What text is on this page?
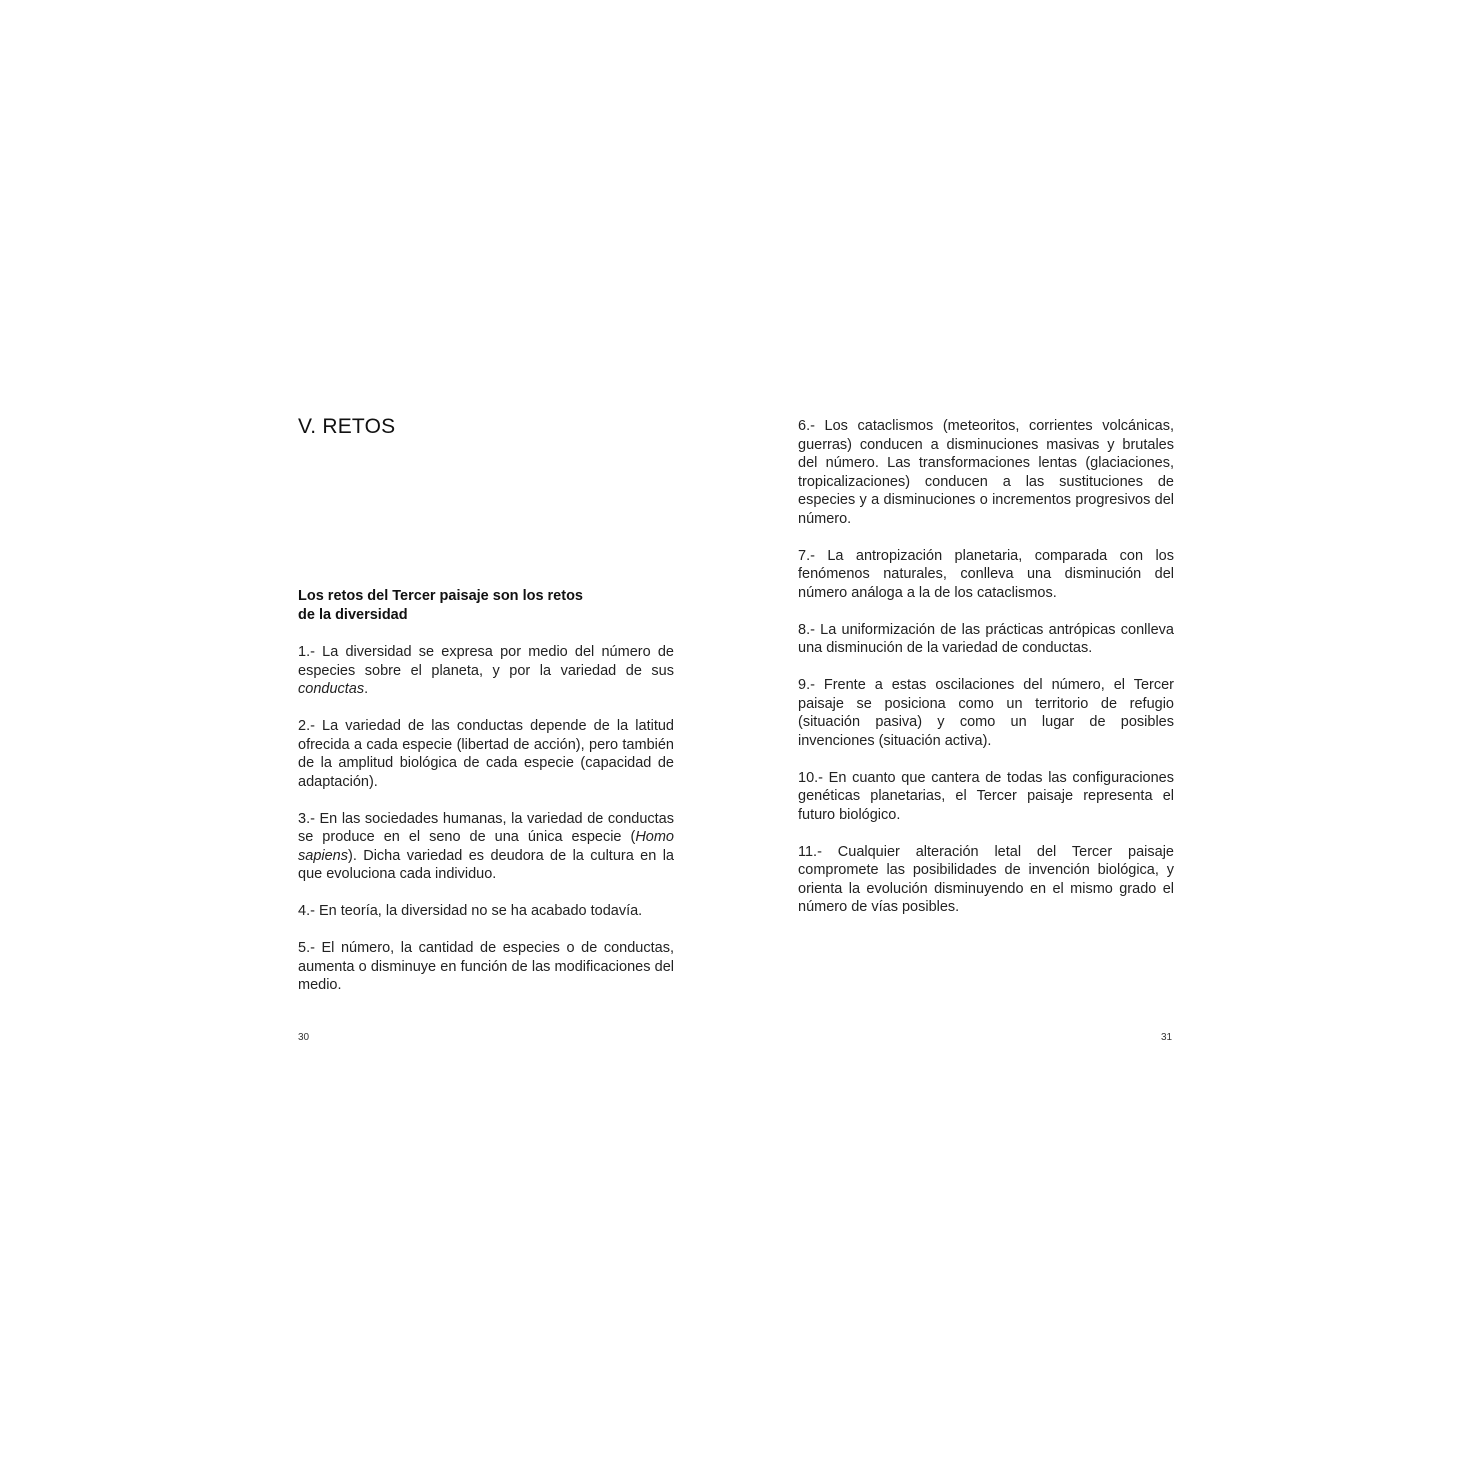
V. RETOS
Los retos del Tercer paisaje son los retos
de la diversidad

1.- La diversidad se expresa por medio del número de especies sobre el planeta, y por la variedad de sus conductas.

2.- La variedad de las conductas depende de la latitud ofrecida a cada especie (libertad de acción), pero también de la amplitud biológica de cada especie (capacidad de adaptación).

3.- En las sociedades humanas, la variedad de conductas se produce en el seno de una única especie (Homo sapiens). Dicha variedad es deudora de la cultura en la que evoluciona cada individuo.

4.- En teoría, la diversidad no se ha acabado todavía.

5.- El número, la cantidad de especies o de conductas, aumenta o disminuye en función de las modificaciones del medio.

6.- Los cataclismos (meteoritos, corrientes volcánicas, guerras) conducen a disminuciones masivas y brutales del número. Las transformaciones lentas (glaciaciones, tropicalizaciones) conducen a las sustituciones de especies y a disminuciones o incrementos progresivos del número.

7.- La antropización planetaria, comparada con los fenómenos naturales, conlleva una disminución del número análoga a la de los cataclismos.

8.- La uniformización de las prácticas antrópicas conlleva una disminución de la variedad de conductas.

9.- Frente a estas oscilaciones del número, el Tercer paisaje se posiciona como un territorio de refugio (situación pasiva) y como un lugar de posibles invenciones (situación activa).

10.- En cuanto que cantera de todas las configuraciones genéticas planetarias, el Tercer paisaje representa el futuro biológico.

11.- Cualquier alteración letal del Tercer paisaje compromete las posibilidades de invención biológica, y orienta la evolución disminuyendo en el mismo grado el número de vías posibles.

30	31
